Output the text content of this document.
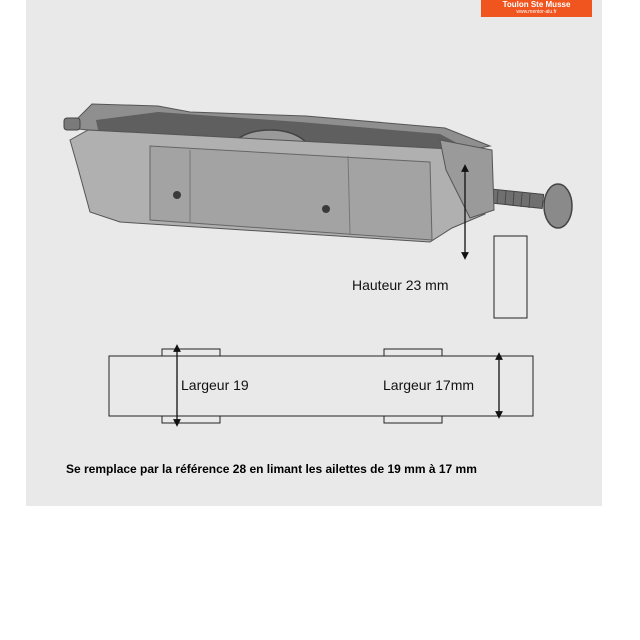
Toulon Ste Musse
www.mentor-alu.fr
Hauteur 23 mm
Largeur 19	Largeur 17mm
Se remplace par la référence 28 en limant les ailettes de 19 mm à 17 mm
